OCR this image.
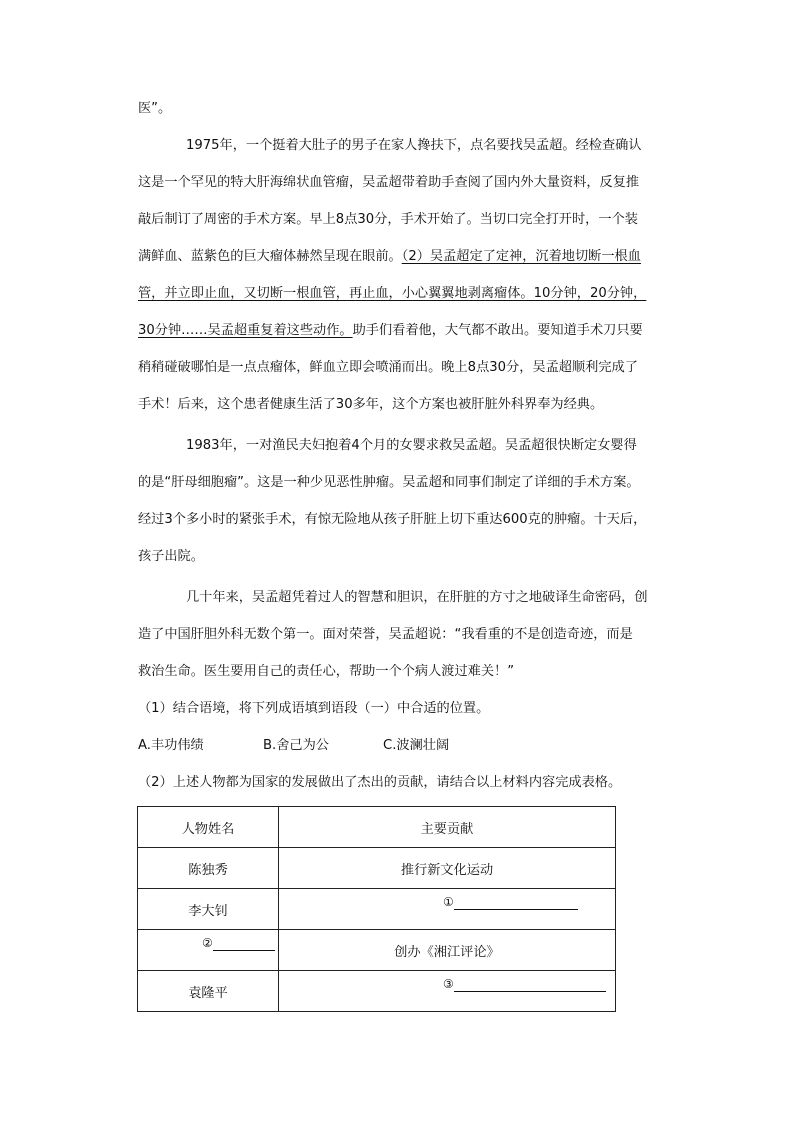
医”。
1975年，一个挺着大肚子的男子在家人搀扶下，点名要找吴孟超。经检查确认
这是一个罕见的特大肝海绵状血管瘤，吴孟超带着助手查阅了国内外大量资料，反复推
敲后制订了周密的手术方案。早上8点30分，手术开始了。当切口完全打开时，一个装
满鲜血、蓝紫色的巨大瘤体赫然呈现在眼前。（2）吴孟超定了定神，沉着地切断一根血
管，并立即止血，又切断一根血管，再止血，小心翼翼地剥离瘤体。10分钟，20分钟，
30分钟……吴孟超重复着这些动作。助手们看着他，大气都不敢出。要知道手术刀只要
稍稍碰破哪怕是一点点瘤体，鲜血立即会喷涌而出。晚上8点30分，吴孟超顺利完成了
手术！后来，这个患者健康生活了30多年，这个方案也被肝脏外科界奉为经典。
1983年，一对渔民夫妇抱着4个月的女婴求救吴孟超。吴孟超很快断定女婴得
的是“肝母细胞瘤”。这是一种少见恶性肿瘤。吴孟超和同事们制定了详细的手术方案。
经过3个多小时的紧张手术，有惊无险地从孩子肝脏上切下重达600克的肿瘤。十天后，
孩子出院。
几十年来，吴孟超凭着过人的智慧和胆识，在肝脏的方寸之地破译生命密码，创
造了中国肝胆外科无数个第一。面对荣誉，吴孟超说：“我看重的不是创造奇迹，而是
救治生命。医生要用自己的责任心，帮助一个个病人渡过难关！”
（1）结合语境，将下列成语填到语段（一）中合适的位置。
A.丰功伟绩	B.舍己为公	C.波澜壮阔
（2）上述人物都为国家的发展做出了杰出的贡献，请结合以上材料内容完成表格。
人物姓名	主要贡献
陈独秀	推行新文化运动
李大钊	①

②	创办《湘江评论》
袁隆平	③
